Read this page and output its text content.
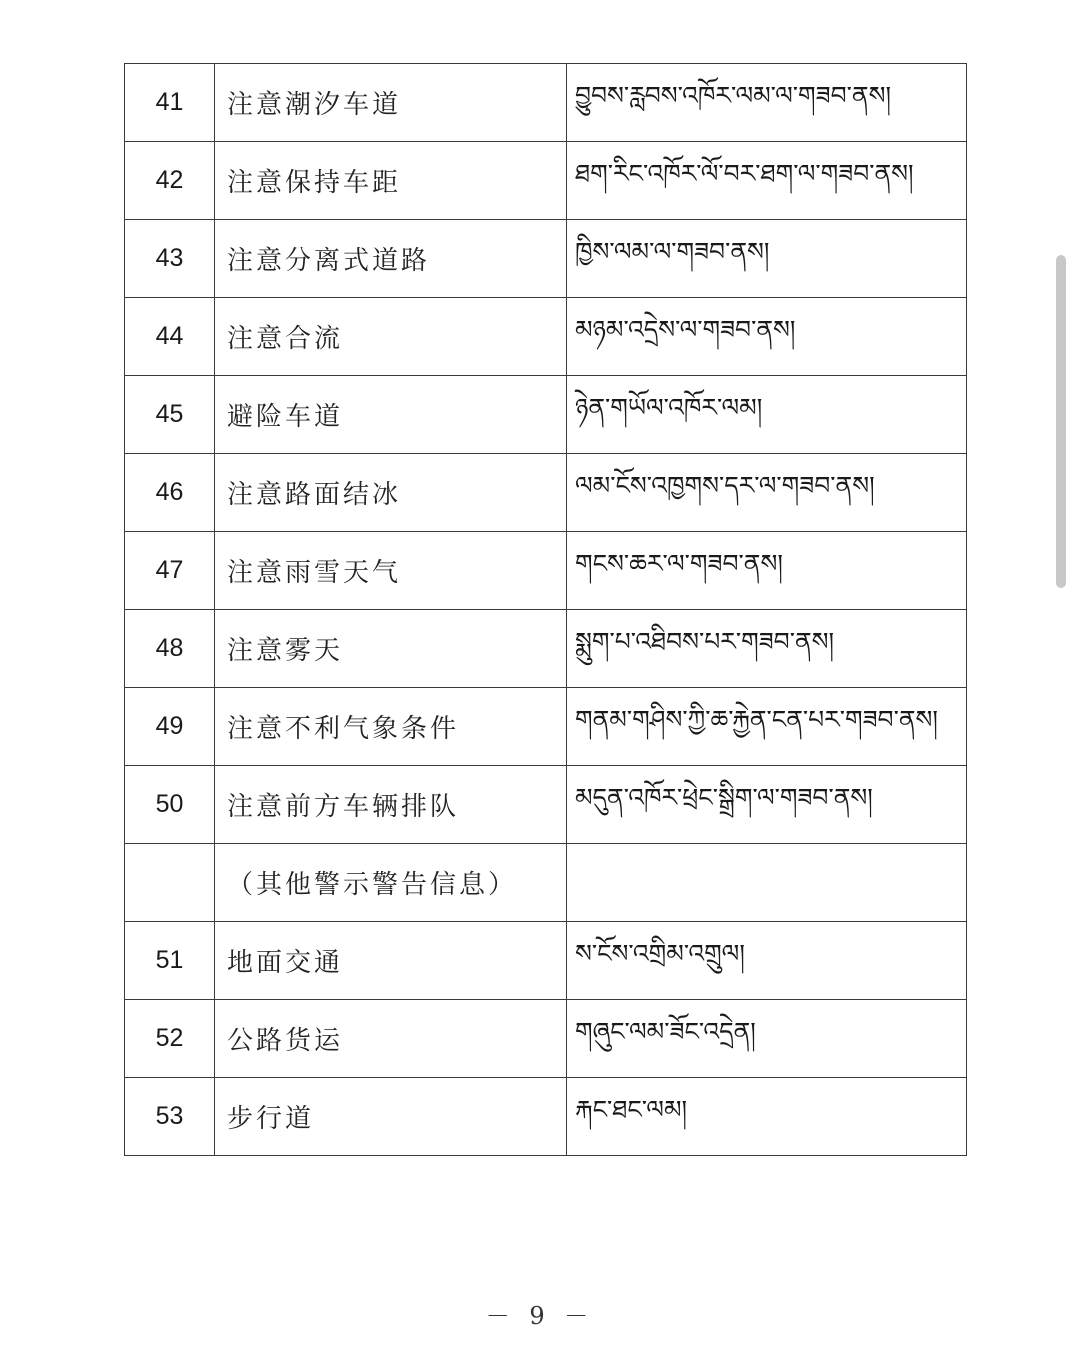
41	注意潮汐车道	བྱུབས་རླབས་འཁོར་ལམ་ལ་གཟབ་ནས།
42	注意保持车距	ཐག་རིང་འཁོར་ལོ་བར་ཐག་ལ་གཟབ་ནས།
43	注意分离式道路	ཁྱིས་ལམ་ལ་གཟབ་ནས།
44	注意合流	མཉམ་འདྲེས་ལ་གཟབ་ནས།
45	避险车道	ཉེན་གཡོལ་འཁོར་ལམ།
46	注意路面结冰	ལམ་ངོས་འཁྱགས་དར་ལ་གཟབ་ནས།
47	注意雨雪天气	གངས་ཆར་ལ་གཟབ་ནས།
48	注意雾天	སྨུག་པ་འཐིབས་པར་གཟབ་ནས།
49	注意不利气象条件	གནམ་གཤིས་ཀྱི་ཆ་རྐྱེན་ངན་པར་གཟབ་ནས།
50	注意前方车辆排队	མདུན་འཁོར་ཕྲེང་སྒྲིག་ལ་གཟབ་ནས།
	（其他警示警告信息）	
51	地面交通	ས་ངོས་འགྲིམ་འགྲུལ།
52	公路货运	གཞུང་ལམ་ཟོང་འདྲེན།
53	步行道	རྐང་ཐང་ལམ།
－ 9 －
